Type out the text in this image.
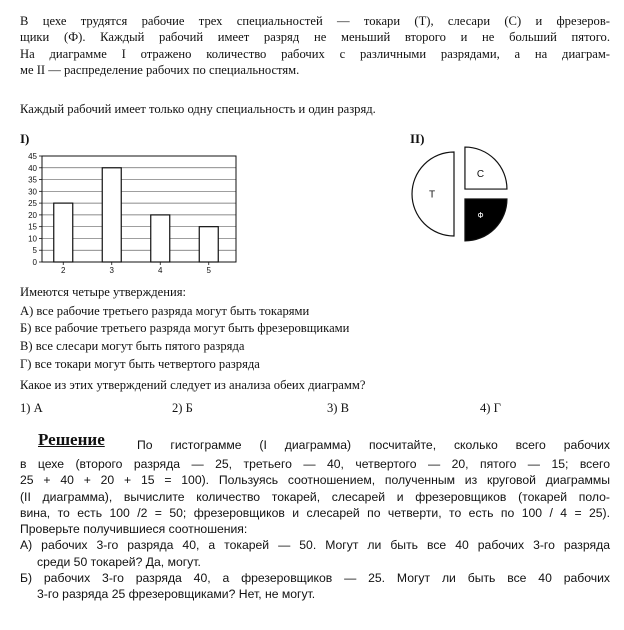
В цехе трудятся рабочие трех специальностей — токари (Т), слесари (С) и фрезеров-
щики (Ф). Каждый рабочий имеет разряд не меньший второго и не больший пятого.
На диаграмме I отражено количество рабочих с различными разрядами, а на диаграм-
ме II — распределение рабочих по специальностям.
Каждый рабочий имеет только одну специальность и один разряд.
I)	II)
0
5
10
15
20
25
30
35
40
45
2	3	4	5
Т
С
Ф
Имеются четыре утверждения:
А) все рабочие третьего разряда могут быть токарями
Б) все рабочие третьего разряда могут быть фрезеровщиками
В) все слесари могут быть пятого разряда
Г) все токари могут быть четвертого разряда
Какое из этих утверждений следует из анализа обеих диаграмм?
1) А	2) Б	3) В	4) Г
Решение	По гистограмме (I диаграмма) посчитайте, сколько всего рабочих
в цехе (второго разряда — 25, третьего — 40, четвертого — 20, пятого — 15; всего
25 + 40 + 20 + 15 = 100). Пользуясь соотношением, полученным из круговой диаграммы
(II диаграмма), вычислите количество токарей, слесарей и фрезеровщиков (токарей поло-
вина, то есть 100 /2 = 50; фрезеровщиков и слесарей по четверти, то есть по 100 / 4 = 25).
Проверьте получившиеся соотношения:
А) рабочих 3-го разряда 40, а токарей — 50. Могут ли быть все 40 рабочих 3-го разряда
среди 50 токарей? Да, могут.
Б) рабочих 3-го разряда 40, а фрезеровщиков — 25. Могут ли быть все 40 рабочих
3-го разряда 25 фрезеровщиками? Нет, не могут.
